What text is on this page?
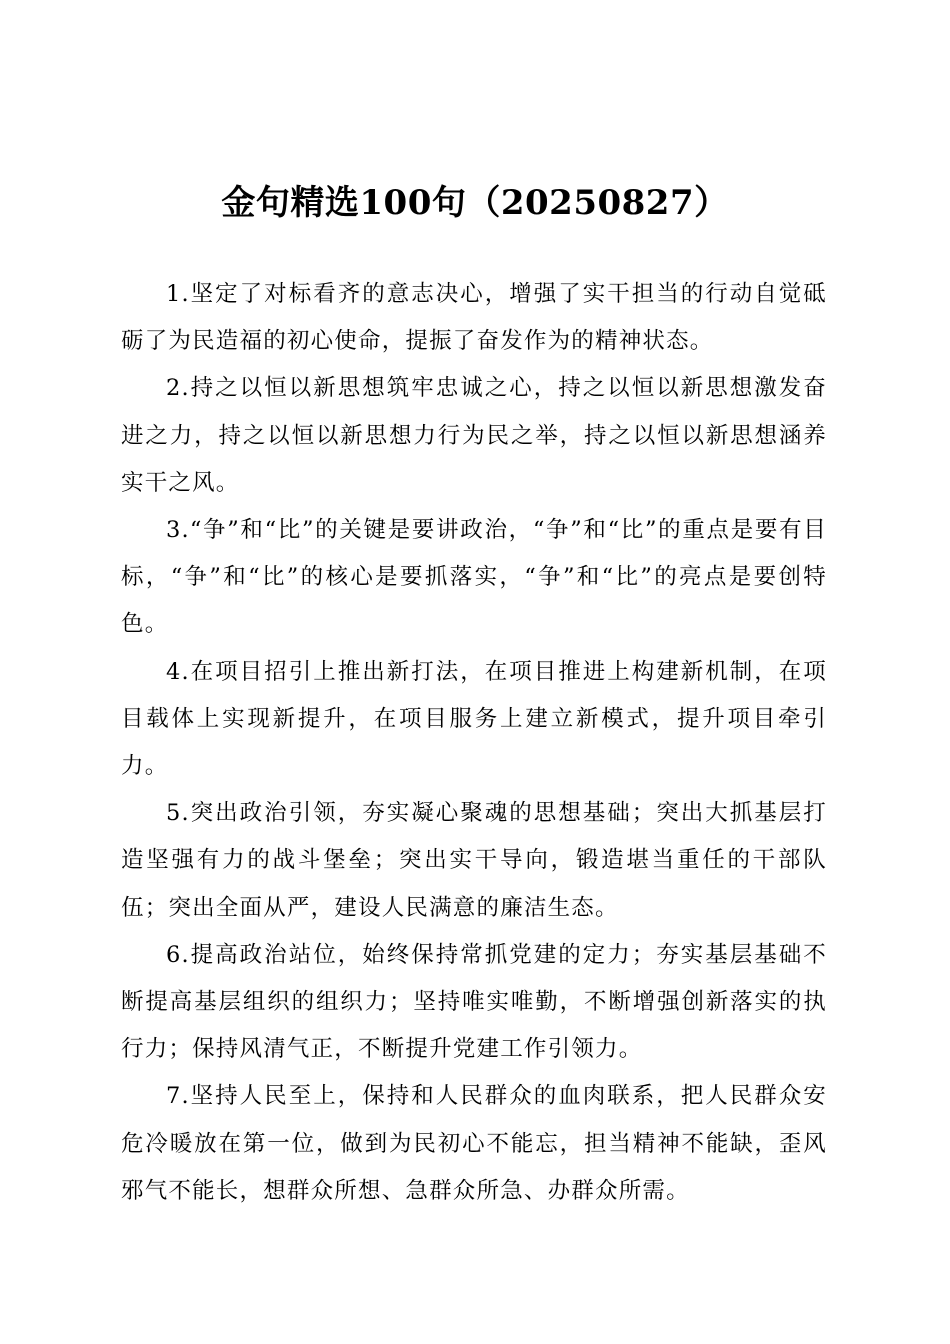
金句精选100句（20250827）

1.坚定了对标看齐的意志决心，增强了实干担当的行动自觉砥砺了为民造福的初心使命，提振了奋发作为的精神状态。

2.持之以恒以新思想筑牢忠诚之心，持之以恒以新思想激发奋进之力，持之以恒以新思想力行为民之举，持之以恒以新思想涵养实干之风。

3.“争”和“比”的关键是要讲政治，“争”和“比”的重点是要有目标，“争”和“比”的核心是要抓落实，“争”和“比”的亮点是要创特色。

4.在项目招引上推出新打法，在项目推进上构建新机制，在项目载体上实现新提升，在项目服务上建立新模式，提升项目牵引力。

5.突出政治引领，夯实凝心聚魂的思想基础；突出大抓基层打造坚强有力的战斗堡垒；突出实干导向，锻造堪当重任的干部队伍；突出全面从严，建设人民满意的廉洁生态。

6.提高政治站位，始终保持常抓党建的定力；夯实基层基础不断提高基层组织的组织力；坚持唯实唯勤，不断增强创新落实的执行力；保持风清气正，不断提升党建工作引领力。

7.坚持人民至上，保持和人民群众的血肉联系，把人民群众安危冷暖放在第一位，做到为民初心不能忘，担当精神不能缺，歪风邪气不能长，想群众所想、急群众所急、办群众所需。
